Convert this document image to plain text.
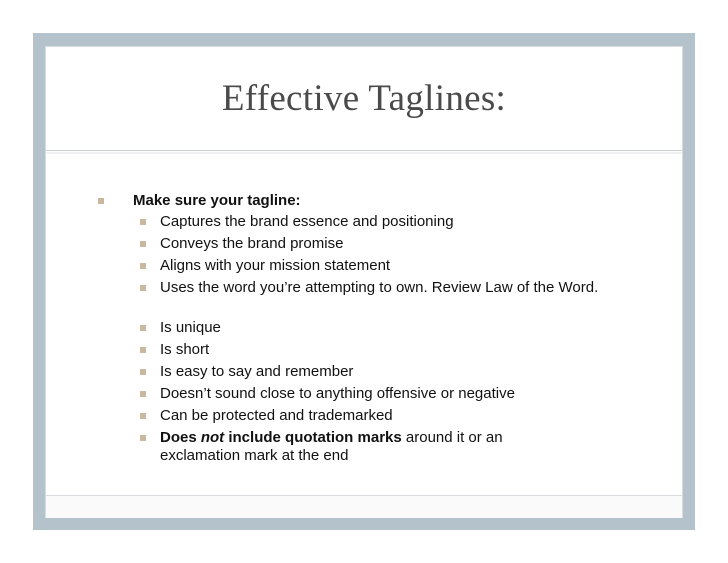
Effective Taglines:
Make sure your tagline:
Captures the brand essence and positioning
Conveys the brand promise
Aligns with your mission statement
Uses the word you’re attempting to own. Review Law of the Word.
Is unique
Is short
Is easy to say and remember
Doesn’t sound close to anything offensive or negative
Can be protected and trademarked
Does not include quotation marks around it or an exclamation mark at the end
